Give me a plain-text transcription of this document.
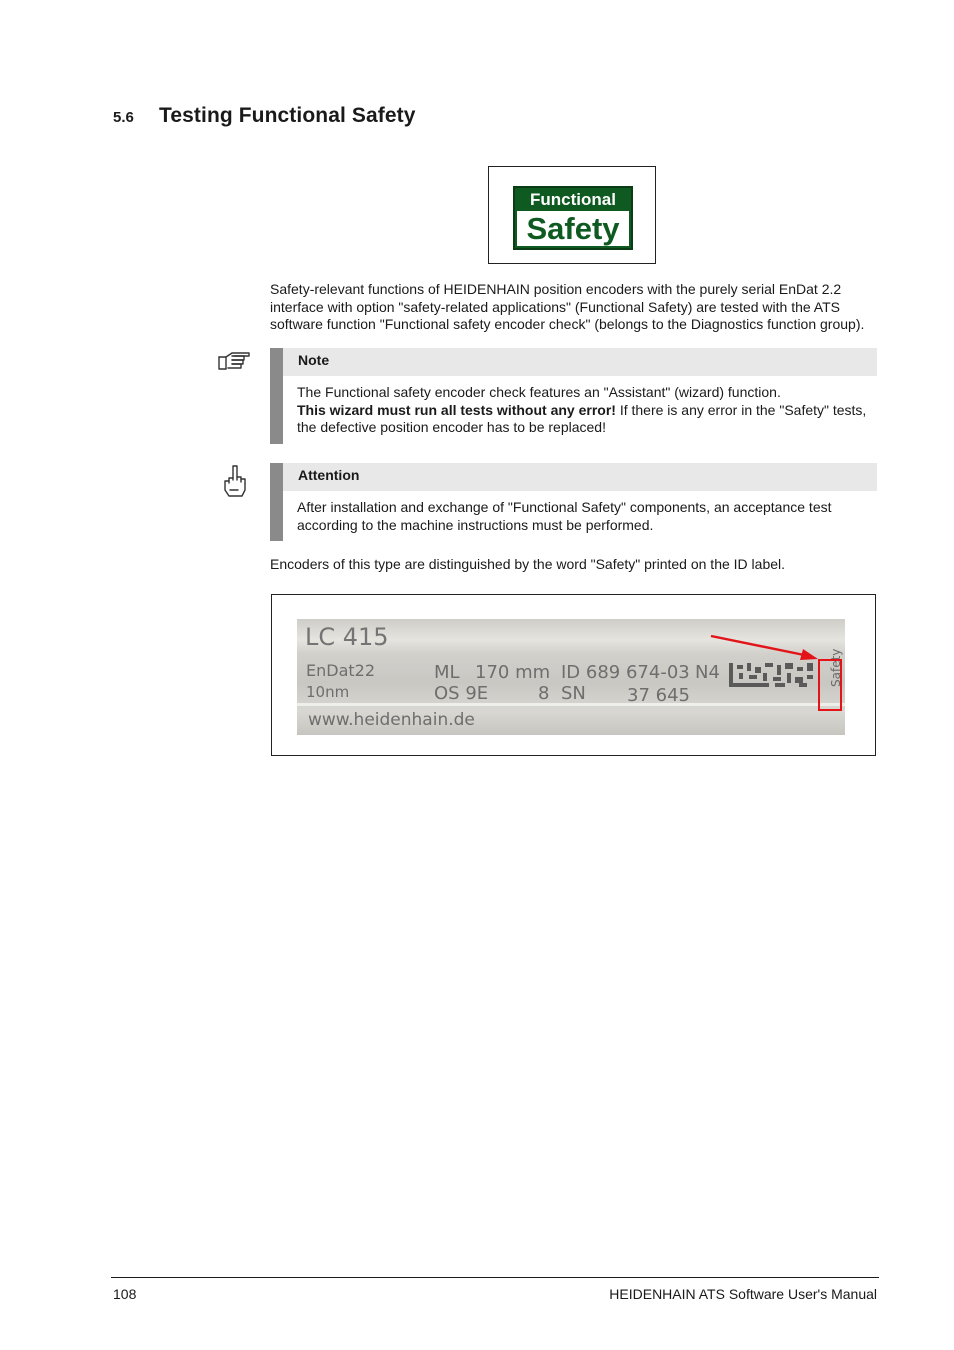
5.6	Testing Functional Safety
Functional
Safety
Safety-relevant functions of HEIDENHAIN position encoders with the purely serial EnDat 2.2 interface with option "safety-related applications" (Functional Safety) are tested with the ATS software function "Functional safety encoder check" (belongs to the Diagnostics function group).
Note
The Functional safety encoder check features an "Assistant" (wizard) function.
This wizard must run all tests without any error! If there is any error in the "Safety" tests, the defective position encoder has to be replaced!
Attention
After installation and exchange of "Functional Safety" components, an acceptance test according to the machine instructions must be performed.
Encoders of this type are distinguished by the word "Safety" printed on the ID label.
LC 415
EnDat22
10nm
ML 170 mm ID 689 674-03 N4
OS 9E	8 SN 37 645
www.heidenhain.de
Safety
108	HEIDENHAIN ATS Software User's Manual
